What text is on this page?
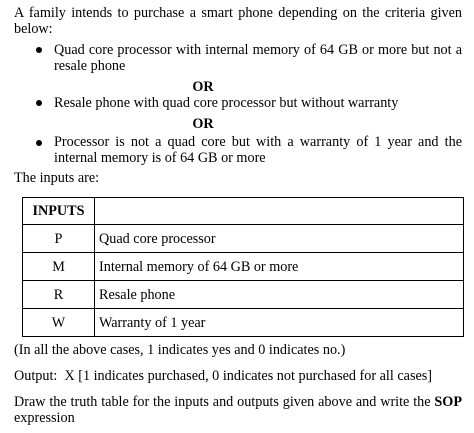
A family intends to purchase a smart phone depending on the criteria given below:

Quad core processor with internal memory of 64 GB or more but not a resale phone

OR

Resale phone with quad core processor but without warranty

OR

Processor is not a quad core but with a warranty of 1 year and the internal memory is of 64 GB or more

The inputs are:

INPUTS	
P	Quad core processor
M	Internal memory of 64 GB or more
R	Resale phone
W	Warranty of 1 year

(In all the above cases, 1 indicates yes and 0 indicates no.)

Output:  X [1 indicates purchased, 0 indicates not purchased for all cases]

Draw the truth table for the inputs and outputs given above and write the SOP expression
